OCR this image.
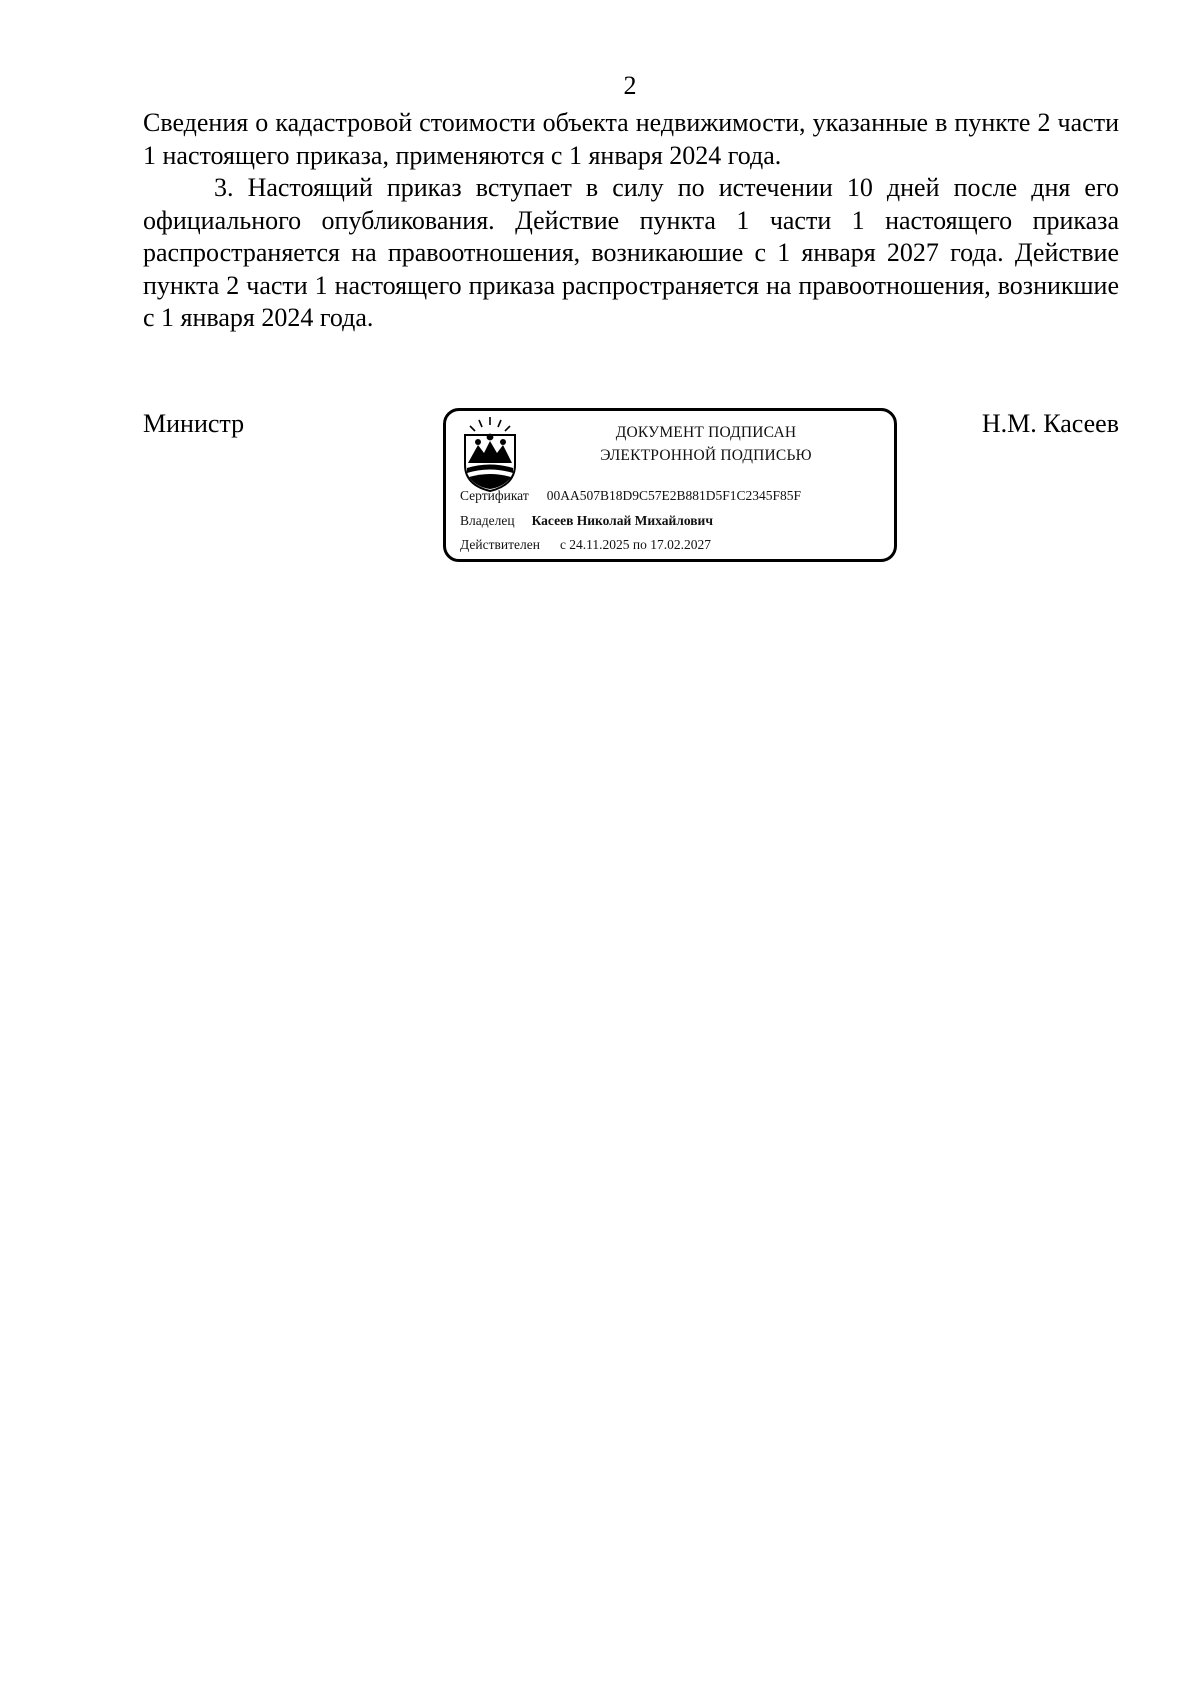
2

Сведения о кадастровой стоимости объекта недвижимости, указанные в пункте 2 части 1 настоящего приказа, применяются с 1 января 2024 года.

3. Настоящий приказ вступает в силу по истечении 10 дней после дня его официального опубликования. Действие пункта 1 части 1 настоящего приказа распространяется на правоотношения, возникаюшие с 1 января 2027 года. Действие пункта 2 части 1 настоящего приказа распространяется на правоотношения, возникшие с 1 января 2024 года.

Министр	ДОКУМЕНТ ПОДПИСАН
ЭЛЕКТРОННОЙ ПОДПИСЬЮ
Сертификат 00AA507B18D9C57E2B881D5F1C2345F85F
Владелец Касеев Николай Михайлович
Действителен с 24.11.2025 по 17.02.2027
Н.М. Касеев
